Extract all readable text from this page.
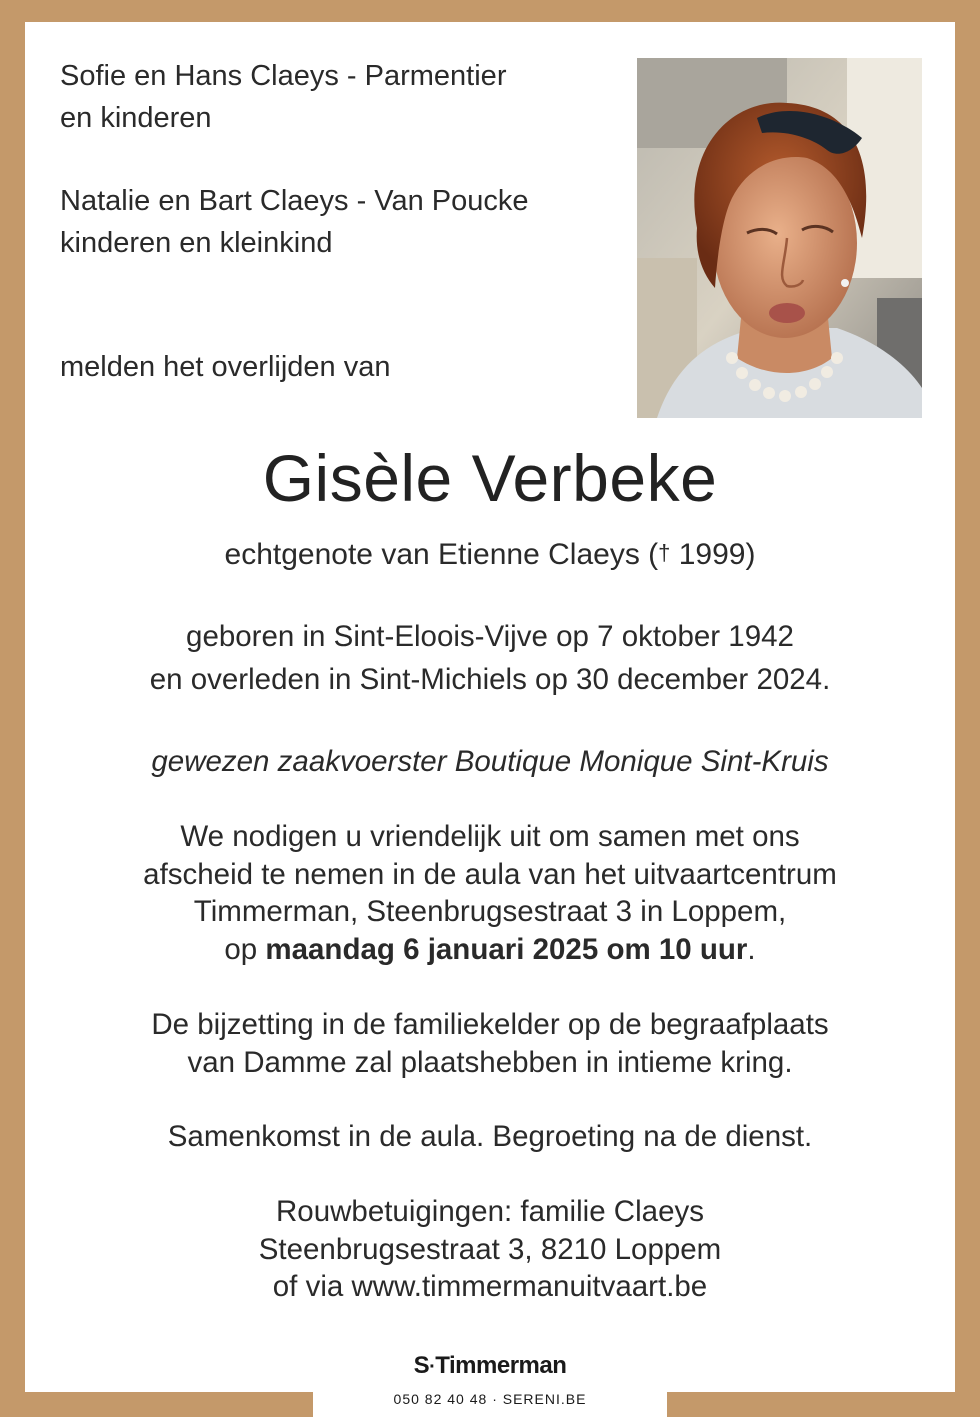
Sofie en Hans Claeys - Parmentier
en kinderen
Natalie en Bart Claeys - Van Poucke
kinderen en kleinkind
melden het overlijden van
Gisèle Verbeke
echtgenote van Etienne Claeys († 1999)
geboren in Sint-Eloois-Vijve op 7 oktober 1942
en overleden in Sint-Michiels op 30 december 2024.
gewezen zaakvoerster Boutique Monique Sint-Kruis
We nodigen u vriendelijk uit om samen met ons
afscheid te nemen in de aula van het uitvaartcentrum
Timmerman, Steenbrugsestraat 3 in Loppem,
op maandag 6 januari 2025 om 10 uur.
De bijzetting in de familiekelder op de begraafplaats
van Damme zal plaatshebben in intieme kring.
Samenkomst in de aula. Begroeting na de dienst.
Rouwbetuigingen: familie Claeys
Steenbrugsestraat 3, 8210 Loppem
of via www.timmermanuitvaart.be
S·Timmerman
050 82 40 48 · SERENI.BE
